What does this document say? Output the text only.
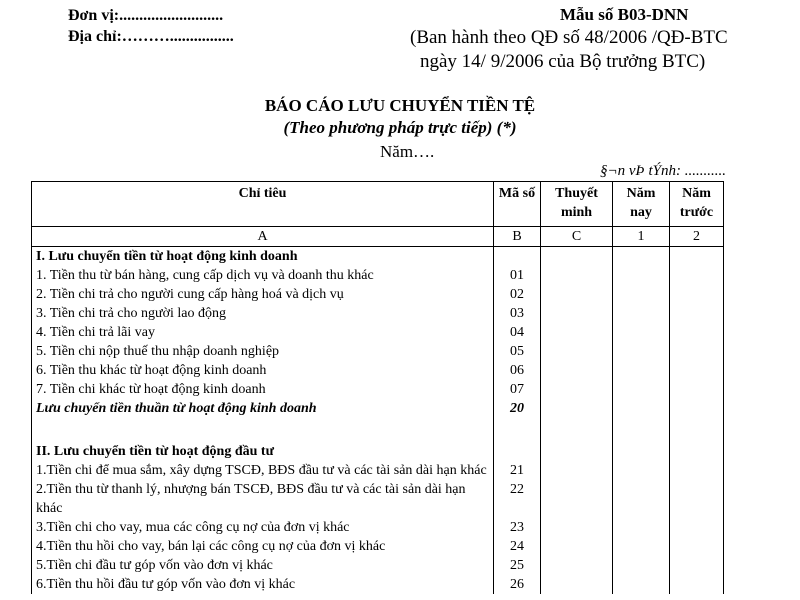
Đơn vị:..........................
Địa chỉ:………................
Mẫu số B03-DNN
(Ban hành theo QĐ số 48/2006 /QĐ-BTC
ngày 14/ 9/2006 của Bộ trưởng BTC)
BÁO CÁO LƯU CHUYỂN TIỀN TỆ
(Theo phương pháp trực tiếp) (*)
Năm….
§¬n vÞ tÝnh: ...........
Chỉ tiêu	Mã số	Thuyết minh	Năm nay	Năm trước
A	B	C	1	2
I. Lưu chuyển tiền từ hoạt động kinh doanh				
1. Tiền thu từ bán hàng, cung cấp dịch vụ và doanh thu khác	01			
2. Tiền chi trả cho người cung cấp hàng hoá và dịch vụ	02			
3. Tiền chi trả cho người lao động	03			
4. Tiền chi trả lãi vay	04			
5. Tiền chi nộp thuế thu nhập doanh nghiệp	05			
6. Tiền thu khác từ hoạt động kinh doanh	06			
7. Tiền chi khác từ hoạt động kinh doanh	07			
Lưu chuyển tiền thuần từ hoạt động kinh doanh	20			

II. Lưu chuyển tiền từ hoạt động đầu tư				
1.Tiền chi để mua sắm, xây dựng TSCĐ, BĐS đầu tư và các tài sản dài hạn khác	21			
2.Tiền thu từ thanh lý, nhượng bán TSCĐ, BĐS đầu tư và các tài sản dài hạn khác	22			
3.Tiền chi cho vay, mua các công cụ nợ của đơn vị khác	23			
4.Tiền thu hồi cho vay, bán lại các công cụ nợ của đơn vị khác	24			
5.Tiền chi đầu tư góp vốn vào đơn vị khác	25			
6.Tiền thu hồi đầu tư góp vốn vào đơn vị khác	26			
